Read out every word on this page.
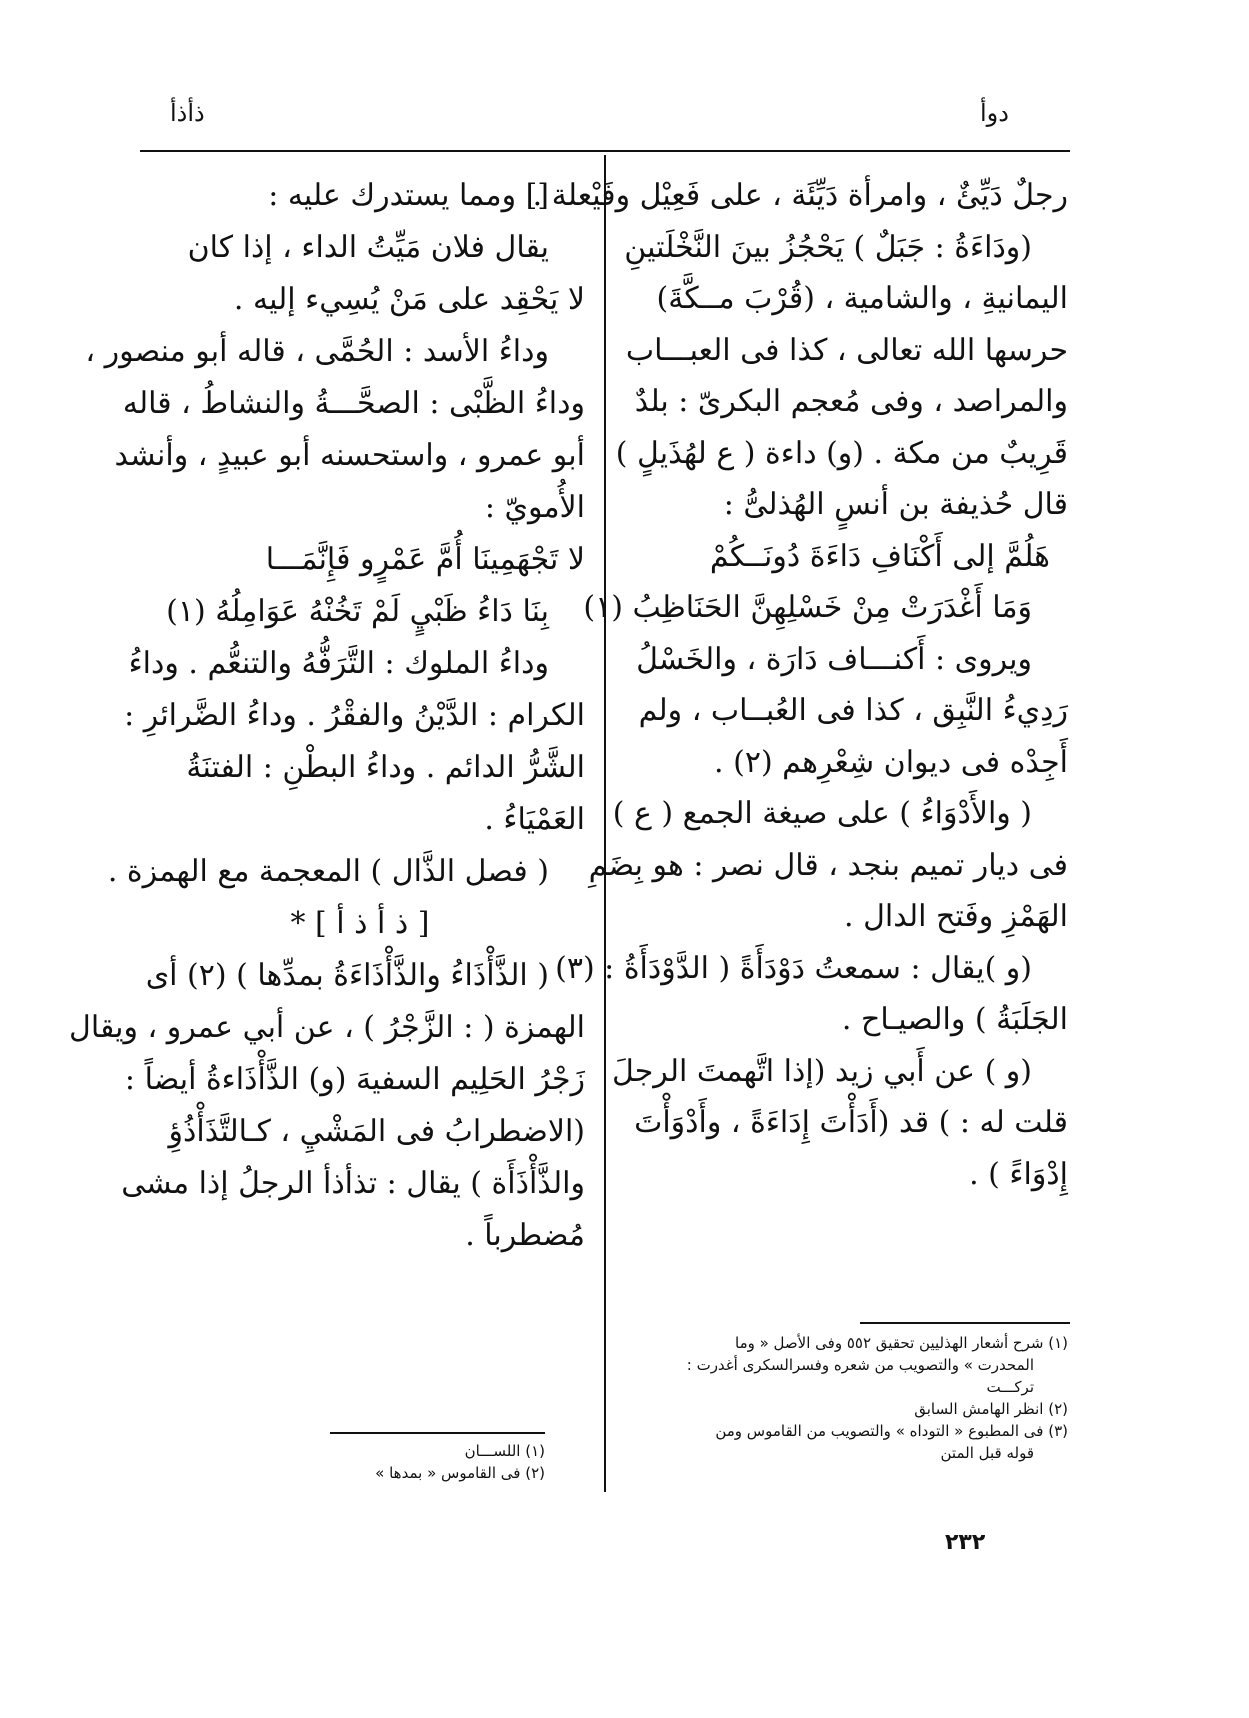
ذأذأ	دوأ
رجلٌ دَيِّئٌ ، وامرأة دَيِّئَة ، على فَعِيْل وفَيْعلة .
(ودَاءَةُ : جَبَلٌ ) يَحْجُزُ بينَ النَّخْلَتينِ
اليمانيةِ ، والشامية ، (قُرْبَ مــكَّةَ)
حرسها الله تعالى ، كذا فى العبـــاب
والمراصد ، وفى مُعجم البكرىّ : بلدٌ
قَرِيبٌ من مكة . (و) داءة ( ع لهُذَيلٍ )
قال حُذيفة بن أنسٍ الهُذلىُّ :
هَلُمَّ إلى أَكْنَافِ دَاءَةَ دُونَــكُمْ
وَمَا أَغْدَرَتْ مِنْ خَسْلِهِنَّ الحَنَاظِبُ (١)
ويروى : أَكنـــاف دَارَة ، والخَسْلُ
رَدِيءُ النَّبِق ، كذا فى العُبــاب ، ولم
أَجِدْه فى ديوان شِعْرِهم (٢) .
( والأَدْوَاءُ ) على صيغة الجمع ( ع )
فى ديار تميم بنجد ، قال نصر : هو بِضَمِ
الهَمْزِ وفَتح الدال .
(و )يقال : سمعتُ دَوْدَأَةً ( الدَّوْدَأَةُ : (٣)
الجَلَبَةُ ) والصيـاح .
(و ) عن أَبي زيد (إذا اتَّهمتَ الرجلَ
قلت له : ) قد (أَدَأْتَ إِدَاءَةً ، وأَدْوَأْتَ
إِدْوَاءً ) .
(١) شرح أشعار الهذليين تحقيق ٥٥٢ وفى الأصل « وما
المحدرت » والتصويب من شعره وفسرالسكرى أغدرت :
تركـــت
(٢) انظر الهامش السابق
(٣) فى المطبوع « التوداه » والتصويب من القاموس ومن
قوله قبل المتن
[] ومما يستدرك عليه :
يقال فلان مَيِّتُ الداء ، إذا كان
لا يَحْقِد على مَنْ يُسِيء إليه .
وداءُ الأسد : الحُمَّى ، قاله أبو منصور ،
وداءُ الظَّبْى : الصحَّـــةُ والنشاطُ ، قاله
أبو عمرو ، واستحسنه أبو عبيدٍ ، وأنشد
الأُمويّ :
لا تَجْهَمِينَا أُمَّ عَمْرٍو فَإِنَّمَـــا
بِنَا دَاءُ ظَبْيٍ لَمْ تَخُنْهُ عَوَامِلُهُ (١)
وداءُ الملوك : التَّرَفُّهُ والتنعُّم . وداءُ
الكرام : الدَّيْنُ والفقْرُ . وداءُ الضَّرائرِ :
الشَّرُّ الدائم . وداءُ البطْنِ : الفتنَةُ
العَمْيَاءُ .
( فصل الذَّال ) المعجمة مع الهمزة .
[ ذ أ ذ أ ] *
( الذَّأْذَاءُ والذَّأْذَاءَةُ بمدِّها ) (٢) أى
الهمزة ( : الزَّجْرُ ) ، عن أبي عمرو ، ويقال
زَجْرُ الحَلِيم السفيهَ (و) الذَّأْذَاءةُ أيضاً :
(الاضطرابُ فى المَشْيِ ، كـالتَّذَأْذُؤِ
والذَّأْذَأَة ) يقال : تذأذأ الرجلُ إذا مشى
مُضطرباً .
(١) اللســـان
(٢) فى القاموس « بمدها »
٢٣٢
